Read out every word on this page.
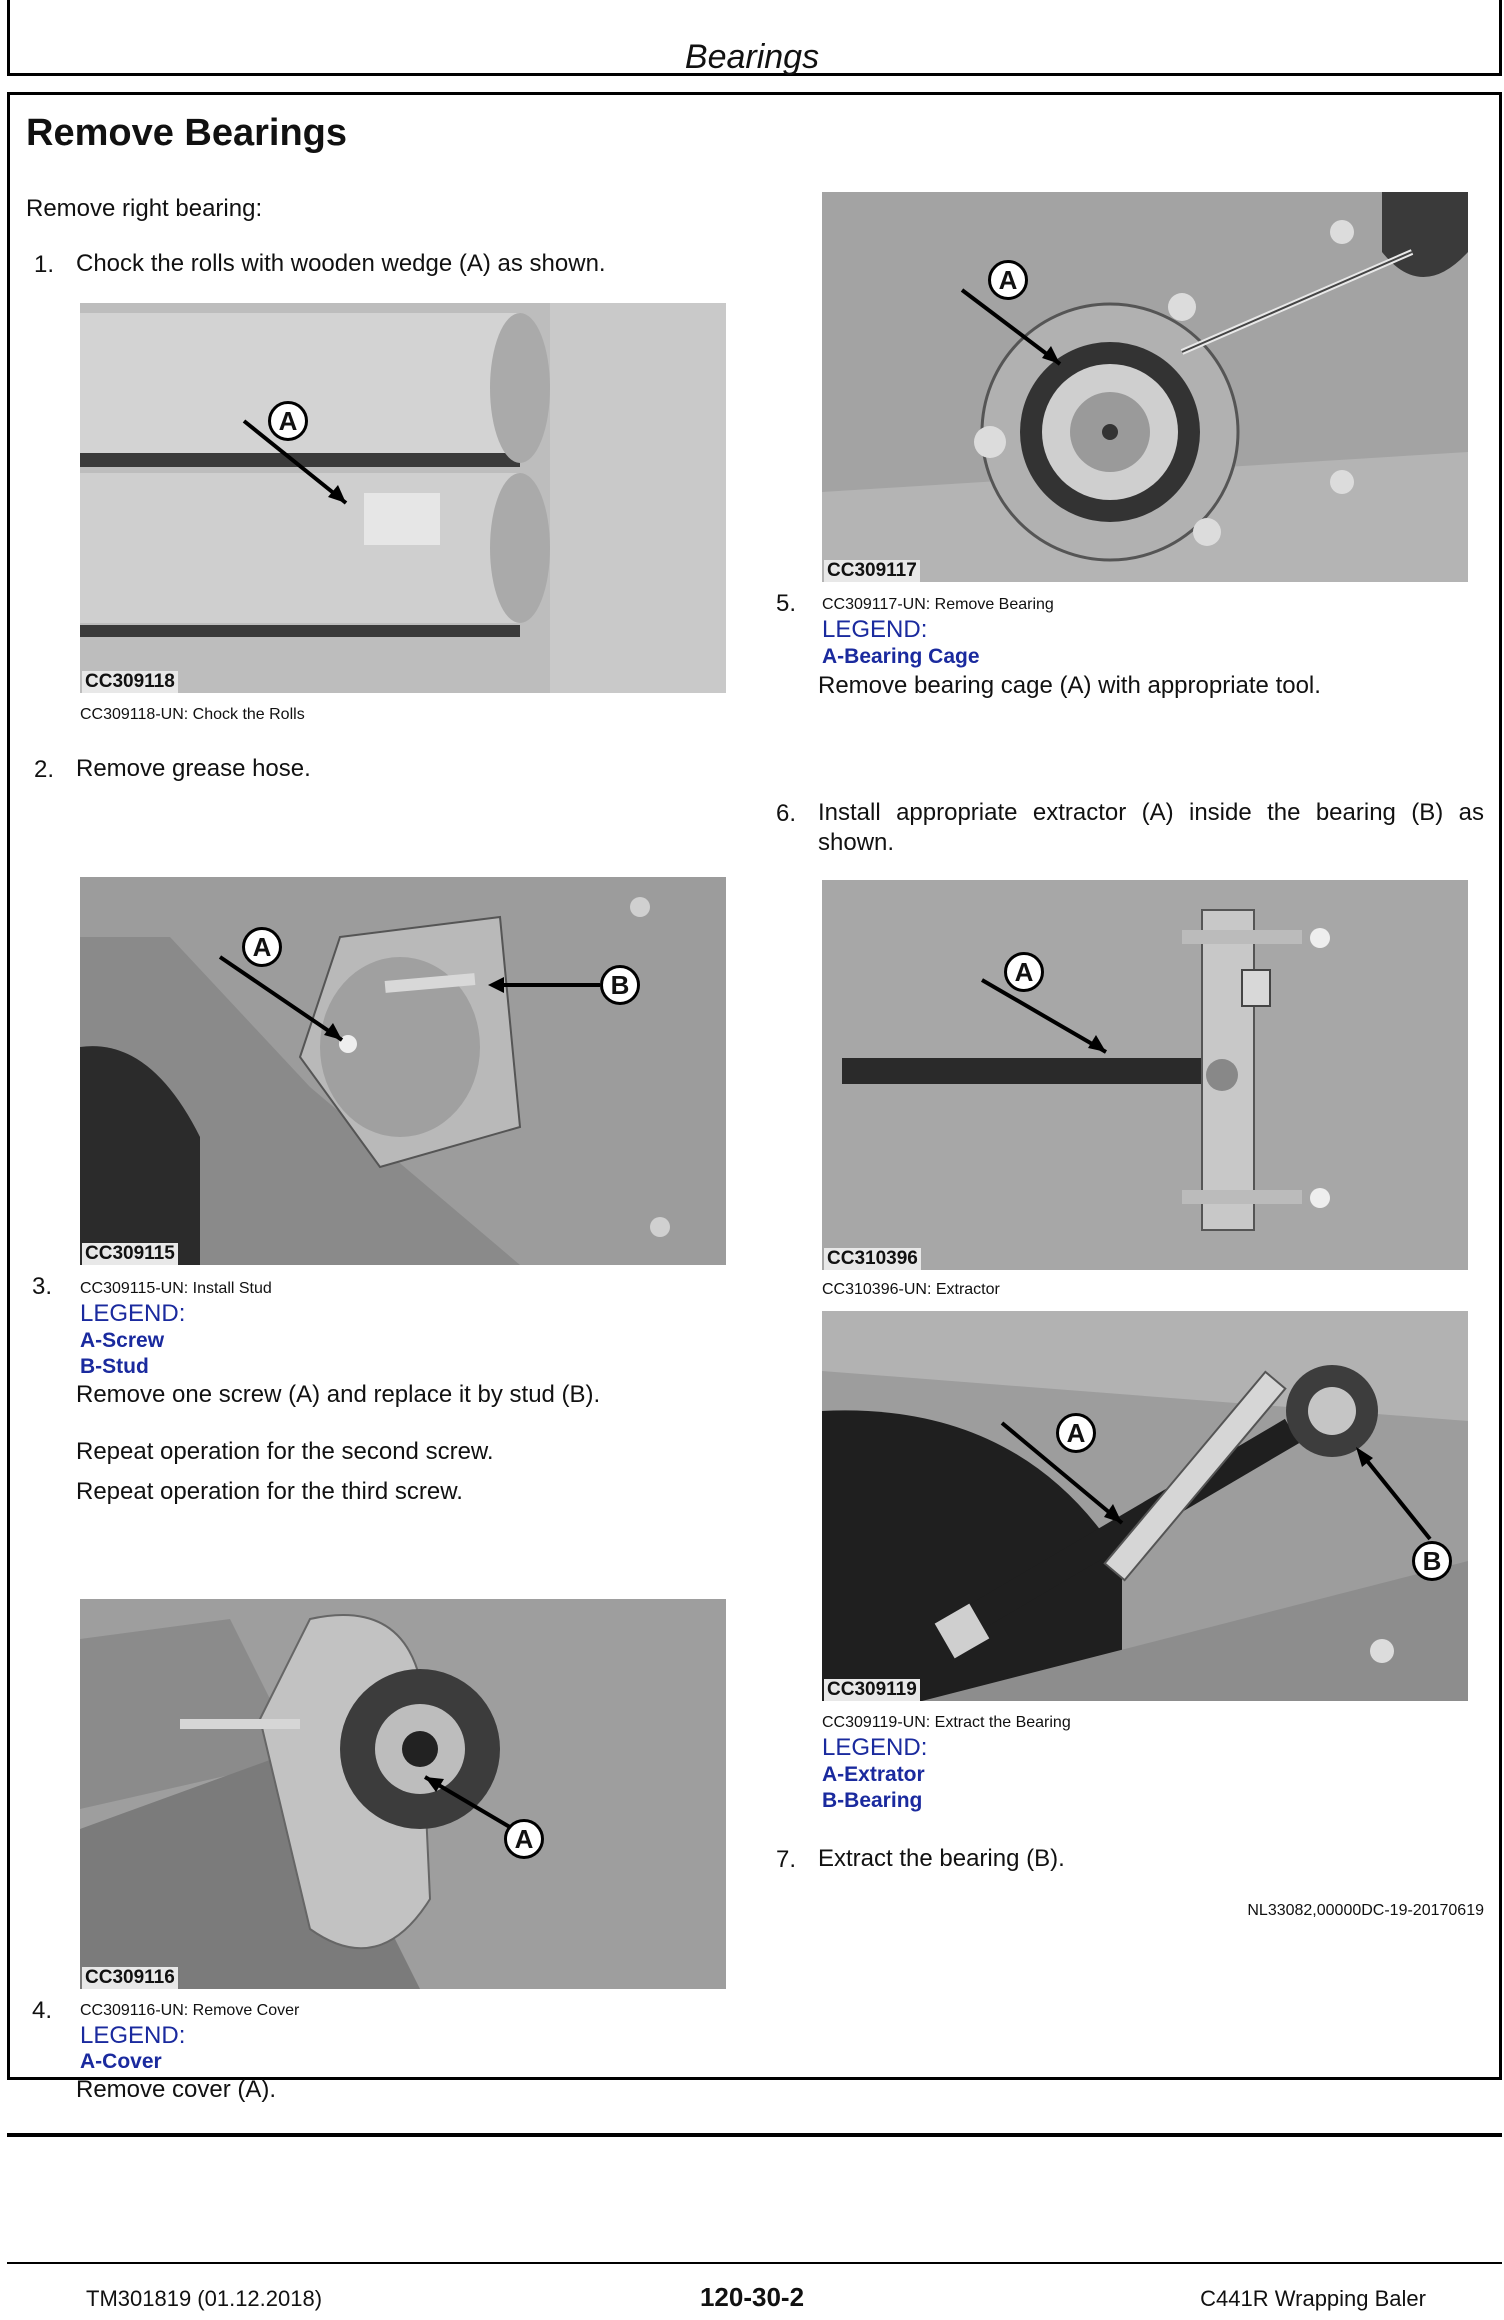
Bearings
Remove Bearings
Remove right bearing:
1. Chock the rolls with wooden wedge (A) as shown.
A
CC309118
CC309118-UN: Chock the Rolls
2. Remove grease hose.
A
B
CC309115
3. CC309115-UN: Install Stud
LEGEND:
A-Screw
B-Stud
Remove one screw (A) and replace it by stud (B).
Repeat operation for the second screw.
Repeat operation for the third screw.
A
CC309116
4. CC309116-UN: Remove Cover
LEGEND:
A-Cover
Remove cover (A).
A
CC309117
5. CC309117-UN: Remove Bearing
LEGEND:
A-Bearing Cage
Remove bearing cage (A) with appropriate tool.
6. Install appropriate extractor (A) inside the bearing (B) as shown.
A
CC310396
CC310396-UN: Extractor
A
B
CC309119
CC309119-UN: Extract the Bearing
LEGEND:
A-Extrator
B-Bearing
7. Extract the bearing (B).
NL33082,00000DC-19-20170619
TM301819 (01.12.2018)	120-30-2	C441R Wrapping Baler
